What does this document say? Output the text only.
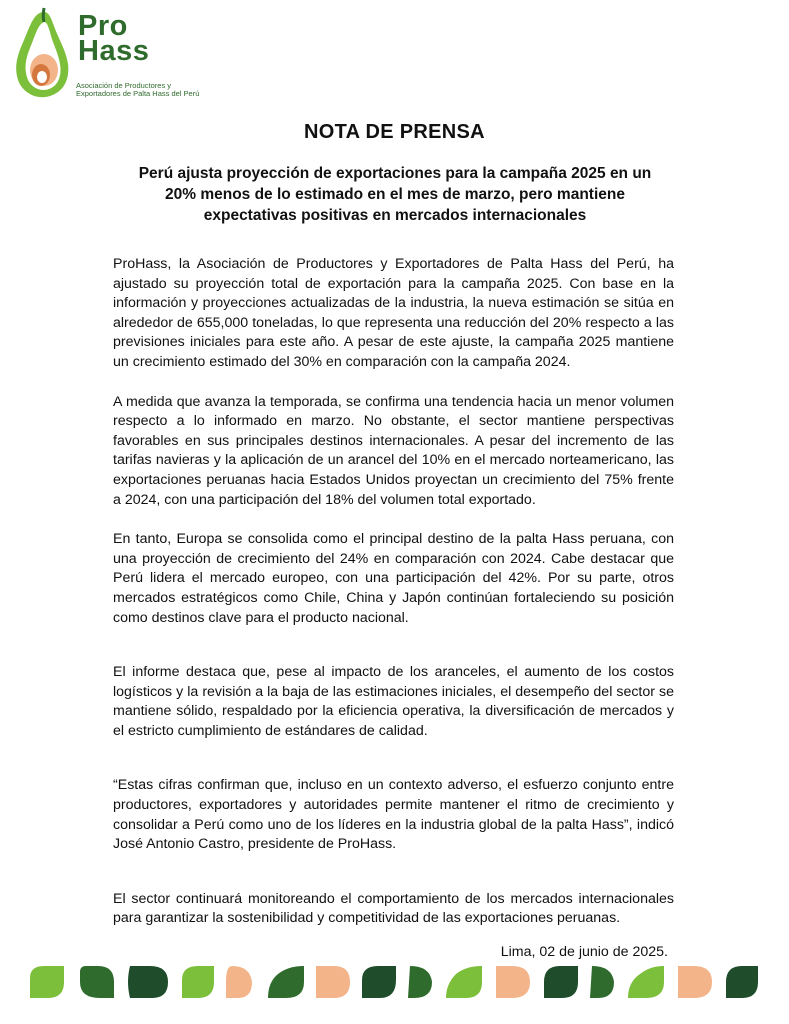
Pro
Hass
Asociación de Productores y
Exportadores de Palta Hass del Perú
NOTA DE PRENSA
Perú ajusta proyección de exportaciones para la campaña 2025 en un 20% menos de lo estimado en el mes de marzo, pero mantiene expectativas positivas en mercados internacionales

ProHass, la Asociación de Productores y Exportadores de Palta Hass del Perú, ha ajustado su proyección total de exportación para la campaña 2025. Con base en la información y proyecciones actualizadas de la industria, la nueva estimación se sitúa en alrededor de 655,000 toneladas, lo que representa una reducción del 20% respecto a las previsiones iniciales para este año. A pesar de este ajuste, la campaña 2025 mantiene un crecimiento estimado del 30% en comparación con la campaña 2024.

A medida que avanza la temporada, se confirma una tendencia hacia un menor volumen respecto a lo informado en marzo. No obstante, el sector mantiene perspectivas favorables en sus principales destinos internacionales. A pesar del incremento de las tarifas navieras y la aplicación de un arancel del 10% en el mercado norteamericano, las exportaciones peruanas hacia Estados Unidos proyectan un crecimiento del 75% frente a 2024, con una participación del 18% del volumen total exportado.

En tanto, Europa se consolida como el principal destino de la palta Hass peruana, con una proyección de crecimiento del 24% en comparación con 2024. Cabe destacar que Perú lidera el mercado europeo, con una participación del 42%. Por su parte, otros mercados estratégicos como Chile, China y Japón continúan fortaleciendo su posición como destinos clave para el producto nacional.

El informe destaca que, pese al impacto de los aranceles, el aumento de los costos logísticos y la revisión a la baja de las estimaciones iniciales, el desempeño del sector se mantiene sólido, respaldado por la eficiencia operativa, la diversificación de mercados y el estricto cumplimiento de estándares de calidad.

“Estas cifras confirman que, incluso en un contexto adverso, el esfuerzo conjunto entre productores, exportadores y autoridades permite mantener el ritmo de crecimiento y consolidar a Perú como uno de los líderes en la industria global de la palta Hass”, indicó José Antonio Castro, presidente de ProHass.

El sector continuará monitoreando el comportamiento de los mercados internacionales para garantizar la sostenibilidad y competitividad de las exportaciones peruanas.

Lima, 02 de junio de 2025.
